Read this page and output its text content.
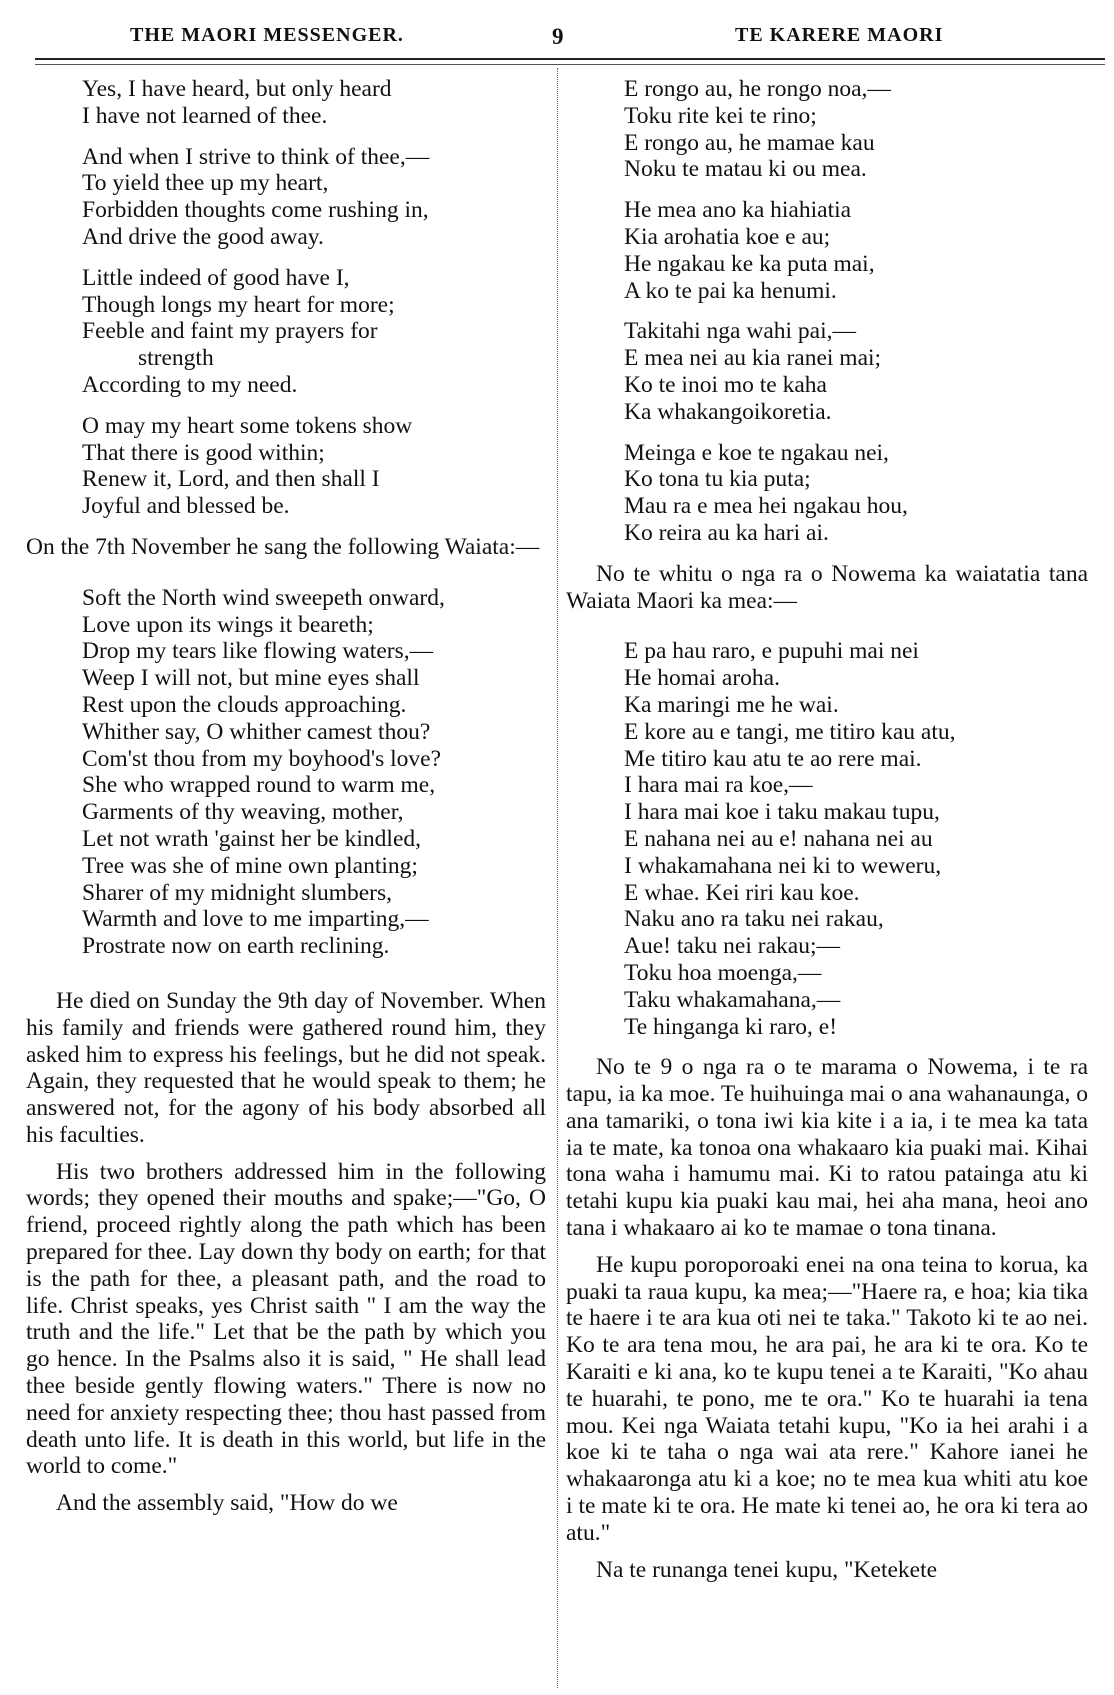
THE MAORI MESSENGER.	9	TE KARERE MAORI
Yes, I have heard, but only heard
I have not learned of thee.
And when I strive to think of thee,—
To yield thee up my heart,
Forbidden thoughts come rushing in,
And drive the good away.
Little indeed of good have I,
Though longs my heart for more;
Feeble and faint my prayers for
strength
According to my need.
O may my heart some tokens show
That there is good within;
Renew it, Lord, and then shall I
Joyful and blessed be.
On the 7th November he sang the following Waiata:—
Soft the North wind sweepeth onward,
Love upon its wings it beareth;
Drop my tears like flowing waters,—
Weep I will not, but mine eyes shall
Rest upon the clouds approaching.
Whither say, O whither camest thou?
Com'st thou from my boyhood's love?
She who wrapped round to warm me,
Garments of thy weaving, mother,
Let not wrath 'gainst her be kindled,
Tree was she of mine own planting;
Sharer of my midnight slumbers,
Warmth and love to me imparting,—
Prostrate now on earth reclining.
He died on Sunday the 9th day of November. When his family and friends were gathered round him, they asked him to express his feelings, but he did not speak. Again, they requested that he would speak to them; he answered not, for the agony of his body absorbed all his faculties.
His two brothers addressed him in the following words; they opened their mouths and spake;—"Go, O friend, proceed rightly along the path which has been prepared for thee. Lay down thy body on earth; for that is the path for thee, a pleasant path, and the road to life. Christ speaks, yes Christ saith " I am the way the truth and the life." Let that be the path by which you go hence. In the Psalms also it is said, " He shall lead thee beside gently flowing waters." There is now no need for anxiety respecting thee; thou hast passed from death unto life. It is death in this world, but life in the world to come."
And the assembly said, "How do we
E rongo au, he rongo noa,—
Toku rite kei te rino;
E rongo au, he mamae kau
Noku te matau ki ou mea.
He mea ano ka hiahiatia
Kia arohatia koe e au;
He ngakau ke ka puta mai,
A ko te pai ka henumi.
Takitahi nga wahi pai,—
E mea nei au kia ranei mai;
Ko te inoi mo te kaha
Ka whakangoikoretia.
Meinga e koe te ngakau nei,
Ko tona tu kia puta;
Mau ra e mea hei ngakau hou,
Ko reira au ka hari ai.
No te whitu o nga ra o Nowema ka waiatatia tana Waiata Maori ka mea:—
E pa hau raro, e pupuhi mai nei
He homai aroha.
Ka maringi me he wai.
E kore au e tangi, me titiro kau atu,
Me titiro kau atu te ao rere mai.
I hara mai ra koe,—
I hara mai koe i taku makau tupu,
E nahana nei au e! nahana nei au
I whakamahana nei ki to weweru,
E whae. Kei riri kau koe.
Naku ano ra taku nei rakau,
Aue! taku nei rakau;—
Toku hoa moenga,—
Taku whakamahana,—
Te hinganga ki raro, e!
No te 9 o nga ra o te marama o Nowema, i te ra tapu, ia ka moe. Te huihuinga mai o ana wahanaunga, o ana tamariki, o tona iwi kia kite i a ia, i te mea ka tata ia te mate, ka tonoa ona whakaaro kia puaki mai. Kihai tona waha i hamumu mai. Ki to ratou patainga atu ki tetahi kupu kia puaki kau mai, hei aha mana, heoi ano tana i whakaaro ai ko te mamae o tona tinana.
He kupu poroporoaki enei na ona teina to korua, ka puaki ta raua kupu, ka mea;—"Haere ra, e hoa; kia tika te haere i te ara kua oti nei te taka." Takoto ki te ao nei. Ko te ara tena mou, he ara pai, he ara ki te ora. Ko te Karaiti e ki ana, ko te kupu tenei a te Karaiti, "Ko ahau te huarahi, te pono, me te ora." Ko te huarahi ia tena mou. Kei nga Waiata tetahi kupu, "Ko ia hei arahi i a koe ki te taha o nga wai ata rere." Kahore ianei he whakaaronga atu ki a koe; no te mea kua whiti atu koe i te mate ki te ora. He mate ki tenei ao, he ora ki tera ao atu."
Na te runanga tenei kupu, "Ketekete
